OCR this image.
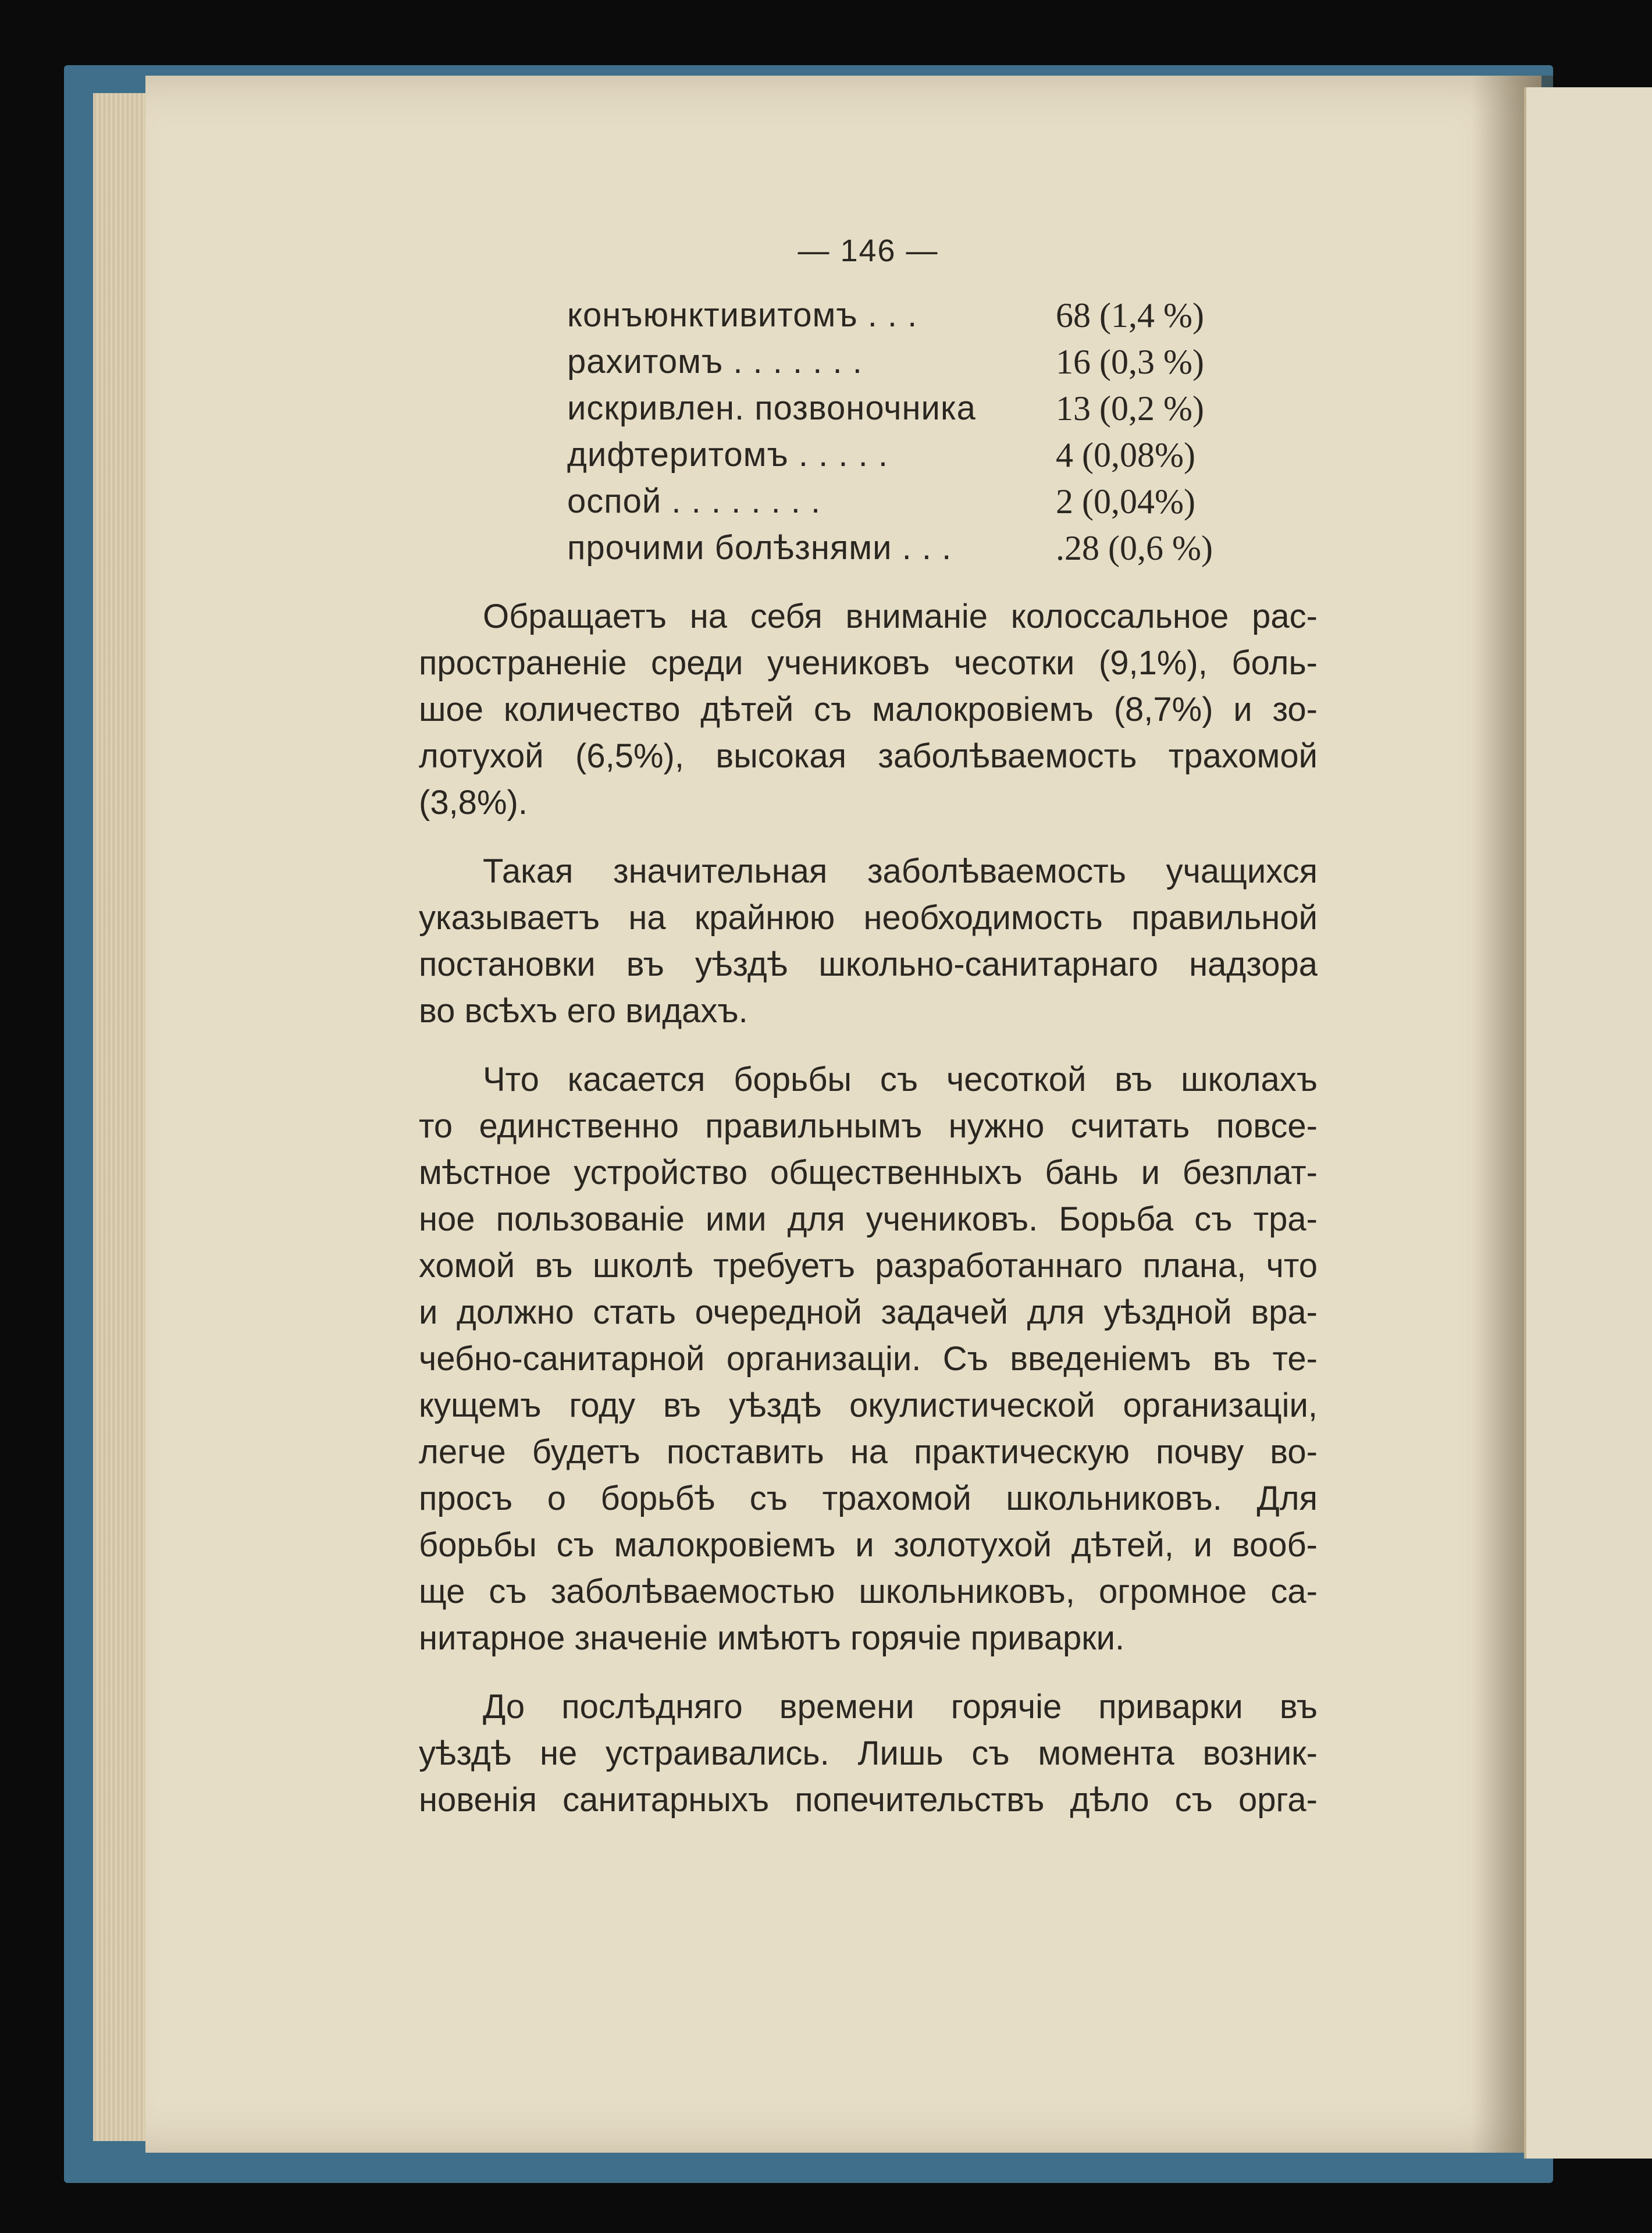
— 146 —
конъюнктивитомъ . . .	68 (1,4 %)
рахитомъ . . . . . . .	16 (0,3 %)
искривлен. позвоночника	13 (0,2 %)
дифтеритомъ . . . . .	4 (0,08%)
оспой . . . . . . . .	2 (0,04%)
прочими болѣзнями . . .	.28 (0,6 %)

Обращаетъ на себя вниманіе колоссальное рас-
пространеніе среди учениковъ чесотки (9,1%), боль-
шое количество дѣтей съ малокровіемъ (8,7%) и зо-
лотухой (6,5%), высокая заболѣваемость трахомой
(3,8%).

Такая значительная заболѣваемость учащихся
указываетъ на крайнюю необходимость правильной
постановки въ уѣздѣ школьно-санитарнаго надзора
во всѣхъ его видахъ.

Что касается борьбы съ чесоткой въ школахъ
то единственно правильнымъ нужно считать повсе-
мѣстное устройство общественныхъ бань и безплат-
ное пользованіе ими для учениковъ. Борьба съ тра-
хомой въ школѣ требуетъ разработаннаго плана, что
и должно стать очередной задачей для уѣздной вра-
чебно-санитарной организаціи. Съ введеніемъ въ те-
кущемъ году въ уѣздѣ окулистической организаціи,
легче будетъ поставить на практическую почву во-
просъ о борьбѣ съ трахомой школьниковъ. Для
борьбы съ малокровіемъ и золотухой дѣтей, и вооб-
ще съ заболѣваемостью школьниковъ, огромное са-
нитарное значеніе имѣютъ горячіе приварки.

До послѣдняго времени горячіе приварки въ
уѣздѣ не устраивались. Лишь съ момента возник-
новенія санитарныхъ попечительствъ дѣло съ орга-
